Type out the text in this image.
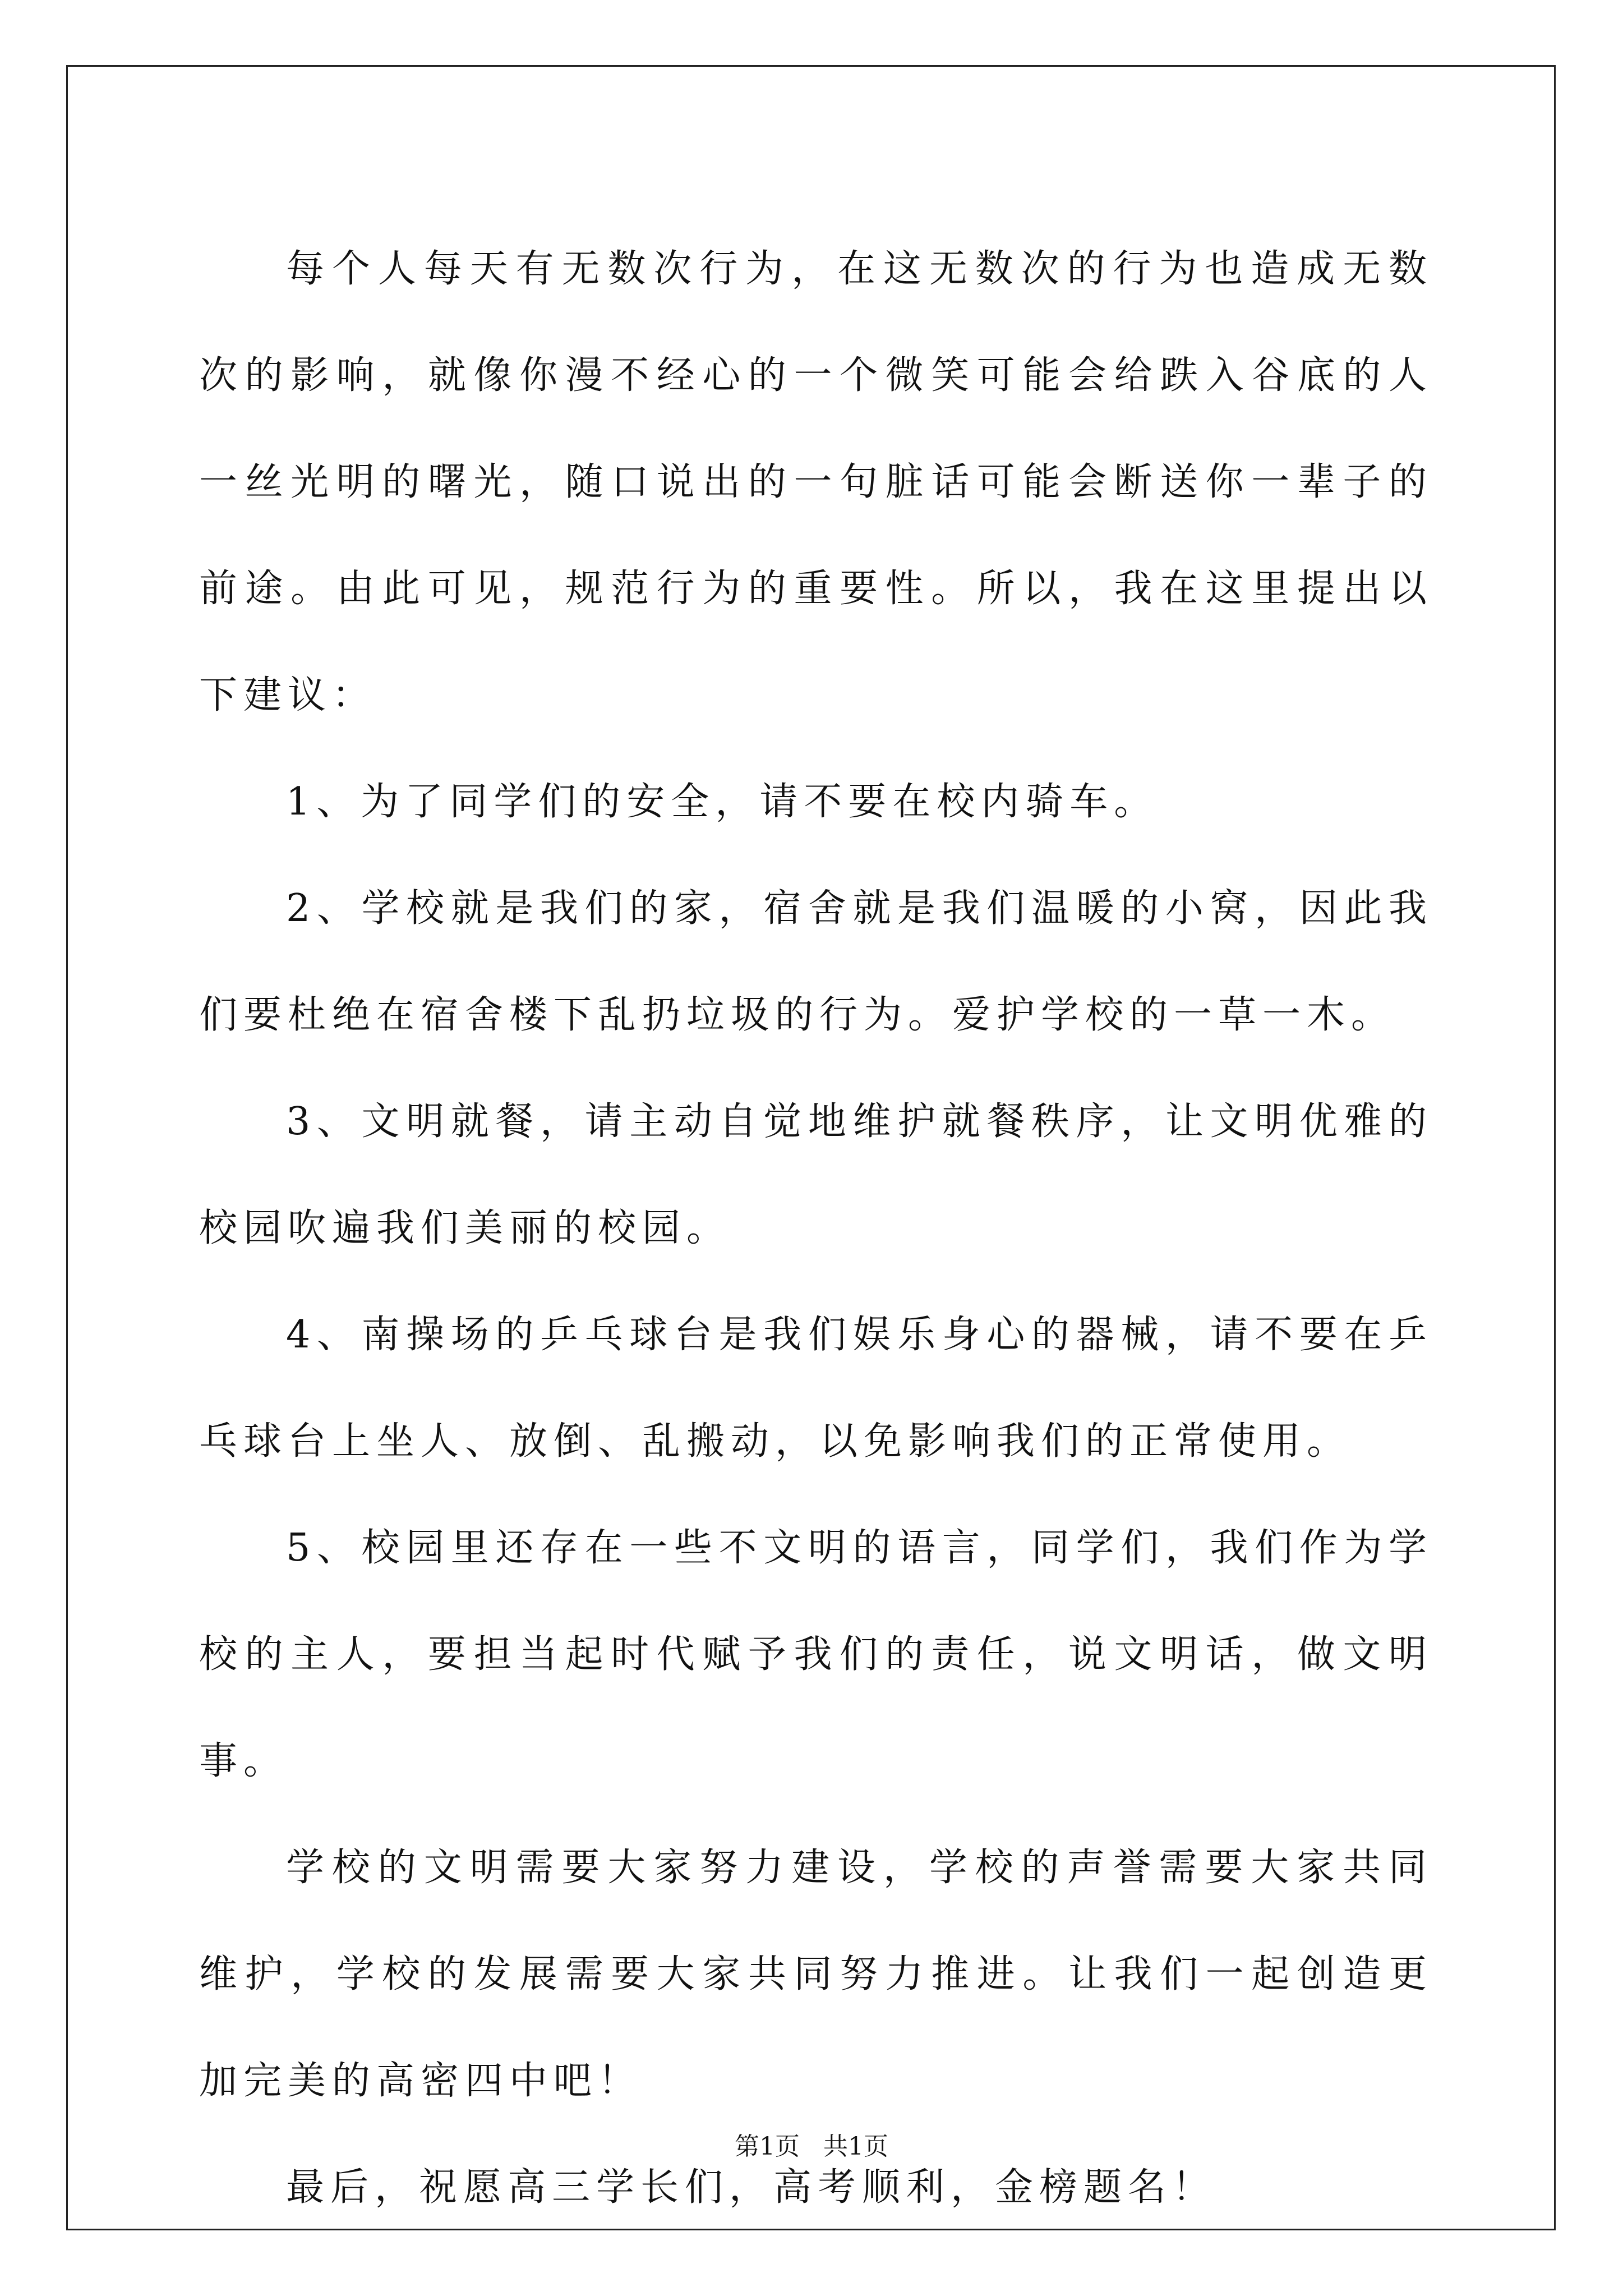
每个人每天有无数次行为，在这无数次的行为也造成无数次的影响，就像你漫不经心的一个微笑可能会给跌入谷底的人一丝光明的曙光，随口说出的一句脏话可能会断送你一辈子的前途。由此可见，规范行为的重要性。所以，我在这里提出以下建议：

1、为了同学们的安全，请不要在校内骑车。

2、学校就是我们的家，宿舍就是我们温暖的小窝，因此我们要杜绝在宿舍楼下乱扔垃圾的行为。爱护学校的一草一木。

3、文明就餐，请主动自觉地维护就餐秩序，让文明优雅的校园吹遍我们美丽的校园。

4、南操场的乒乓球台是我们娱乐身心的器械，请不要在乒乓球台上坐人、放倒、乱搬动，以免影响我们的正常使用。

5、校园里还存在一些不文明的语言，同学们，我们作为学校的主人，要担当起时代赋予我们的责任，说文明话，做文明事。

学校的文明需要大家努力建设，学校的声誉需要大家共同维护，学校的发展需要大家共同努力推进。让我们一起创造更加完美的高密四中吧！

最后，祝愿高三学长们，高考顺利，金榜题名！

第1页   共1页
